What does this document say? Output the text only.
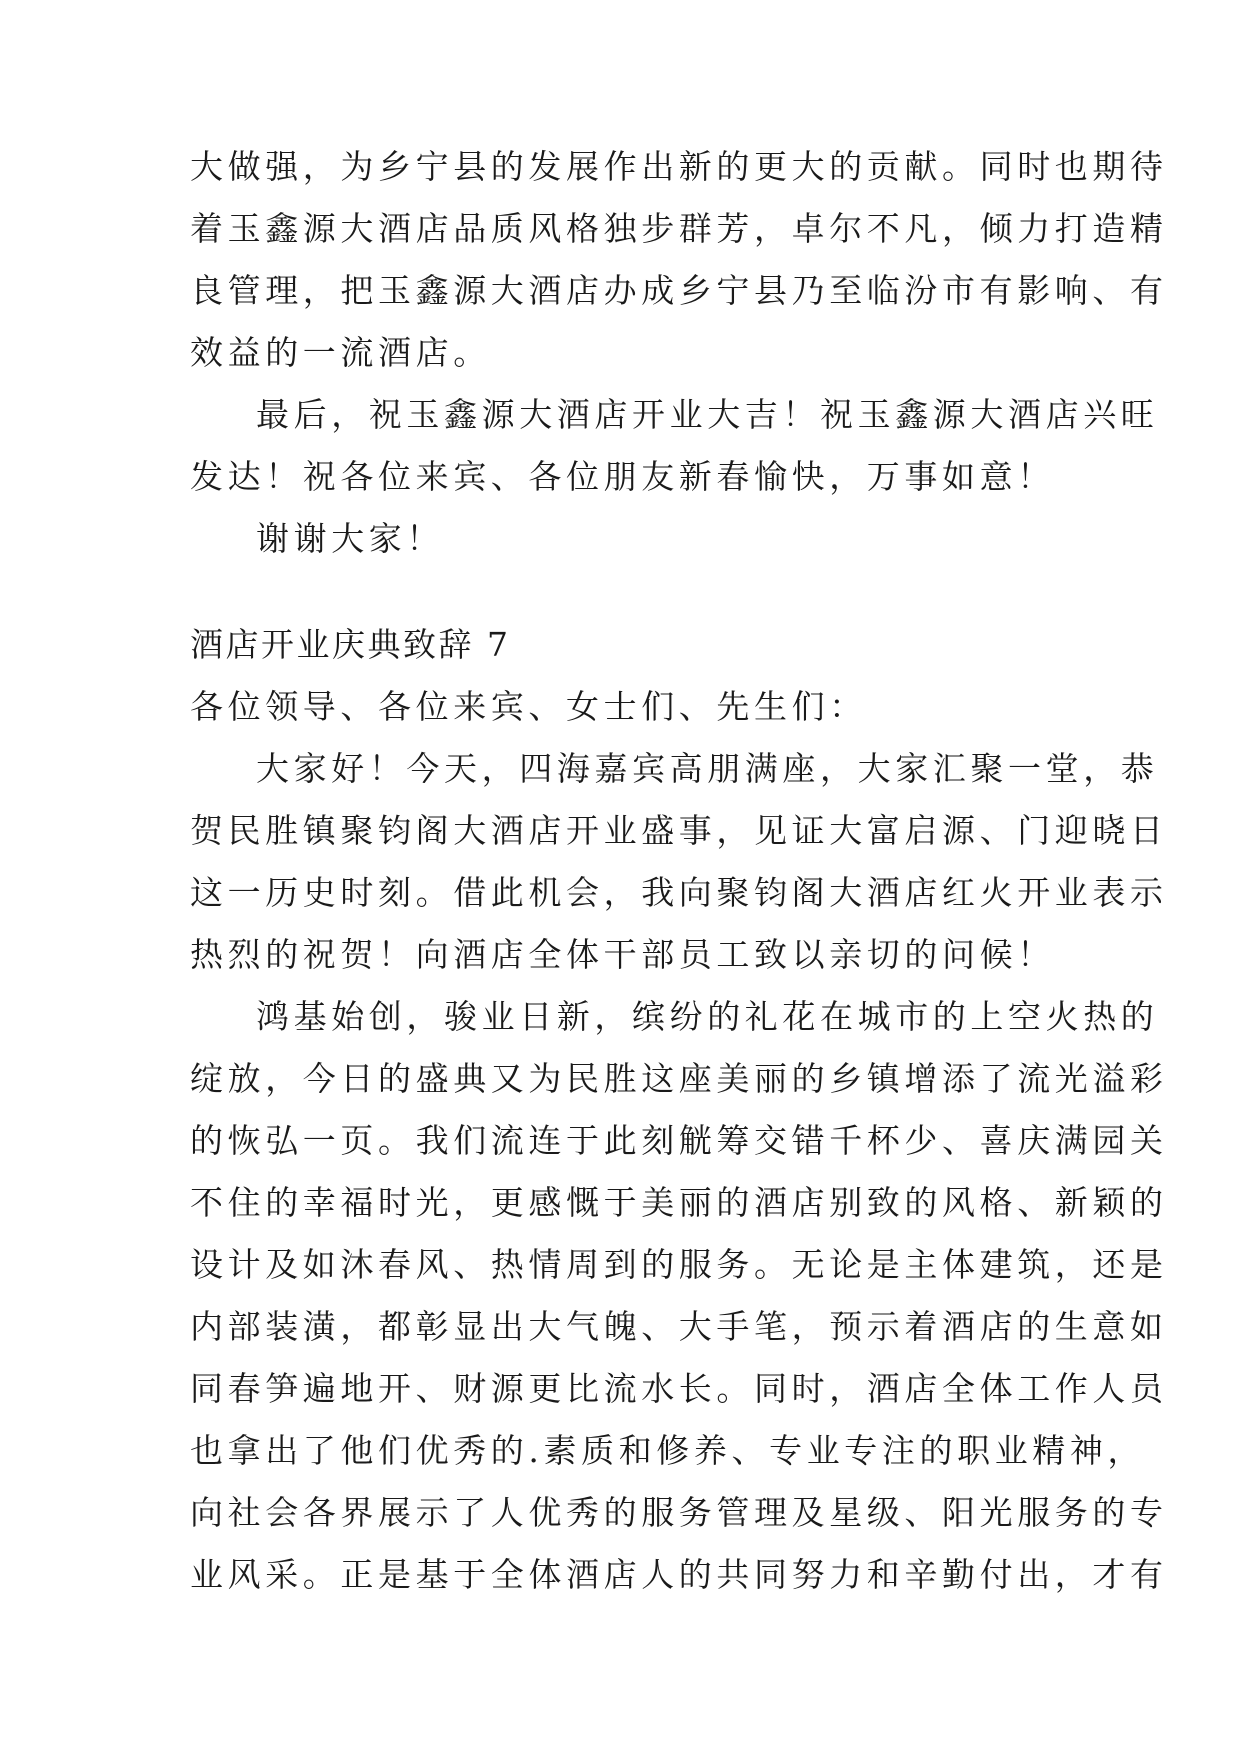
大做强，为乡宁县的发展作出新的更大的贡献。同时也期待
着玉鑫源大酒店品质风格独步群芳，卓尔不凡，倾力打造精
良管理，把玉鑫源大酒店办成乡宁县乃至临汾市有影响、有
效益的一流酒店。
最后，祝玉鑫源大酒店开业大吉！祝玉鑫源大酒店兴旺
发达！祝各位来宾、各位朋友新春愉快，万事如意！
谢谢大家！
酒店开业庆典致辞 7
各位领导、各位来宾、女士们、先生们：
大家好！今天，四海嘉宾高朋满座，大家汇聚一堂，恭
贺民胜镇聚钧阁大酒店开业盛事，见证大富启源、门迎晓日
这一历史时刻。借此机会，我向聚钧阁大酒店红火开业表示
热烈的祝贺！向酒店全体干部员工致以亲切的问候！
鸿基始创，骏业日新，缤纷的礼花在城市的上空火热的
绽放，今日的盛典又为民胜这座美丽的乡镇增添了流光溢彩
的恢弘一页。我们流连于此刻觥筹交错千杯少、喜庆满园关
不住的幸福时光，更感慨于美丽的酒店别致的风格、新颖的
设计及如沐春风、热情周到的服务。无论是主体建筑，还是
内部装潢，都彰显出大气魄、大手笔，预示着酒店的生意如
同春笋遍地开、财源更比流水长。同时，酒店全体工作人员
也拿出了他们优秀的.素质和修养、专业专注的职业精神，
向社会各界展示了人优秀的服务管理及星级、阳光服务的专
业风采。正是基于全体酒店人的共同努力和辛勤付出，才有
